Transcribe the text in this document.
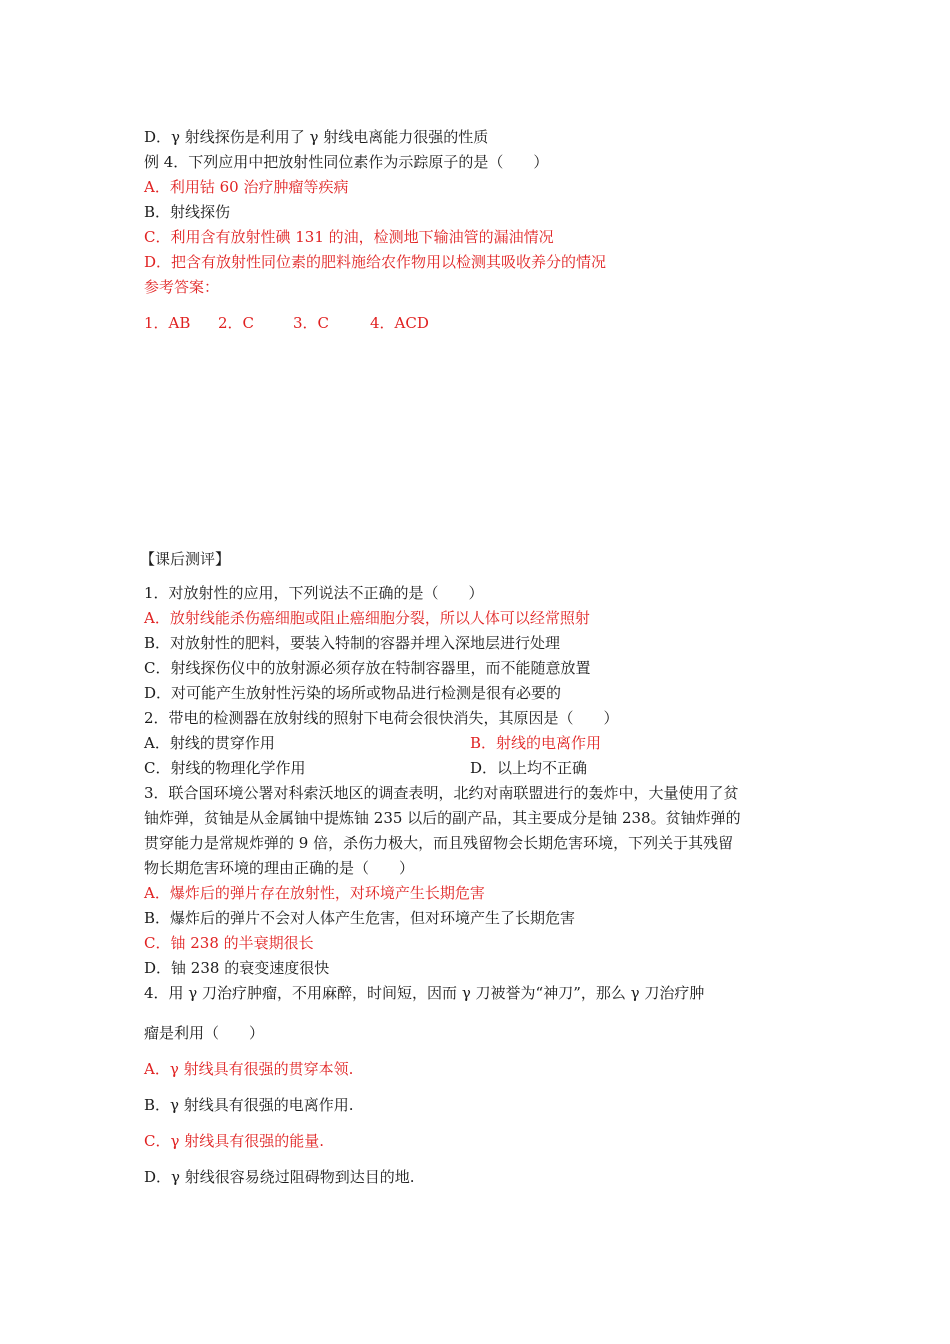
D．γ 射线探伤是利用了 γ 射线电离能力很强的性质
例 4．下列应用中把放射性同位素作为示踪原子的是（　　）
A．利用钴 60 治疗肿瘤等疾病
B．射线探伤
C．利用含有放射性碘 131 的油，检测地下输油管的漏油情况
D．把含有放射性同位素的肥料施给农作物用以检测其吸收养分的情况
参考答案：
1．AB 2．C	3．C	4．ACD
【课后测评】
1．对放射性的应用，下列说法不正确的是（　　）
A．放射线能杀伤癌细胞或阻止癌细胞分裂，所以人体可以经常照射
B．对放射性的肥料，要装入特制的容器并埋入深地层进行处理
C．射线探伤仪中的放射源必须存放在特制容器里，而不能随意放置
D．对可能产生放射性污染的场所或物品进行检测是很有必要的
2．带电的检测器在放射线的照射下电荷会很快消失，其原因是（　　）
A．射线的贯穿作用	B．射线的电离作用
C．射线的物理化学作用	D．以上均不正确
3．联合国环境公署对科索沃地区的调查表明，北约对南联盟进行的轰炸中，大量使用了贫
铀炸弹，贫铀是从金属铀中提炼铀 235 以后的副产品，其主要成分是铀 238。贫铀炸弹的
贯穿能力是常规炸弹的 9 倍，杀伤力极大，而且残留物会长期危害环境，下列关于其残留
物长期危害环境的理由正确的是（　　）
A．爆炸后的弹片存在放射性，对环境产生长期危害
B．爆炸后的弹片不会对人体产生危害，但对环境产生了长期危害
C．铀 238 的半衰期很长
D．铀 238 的衰变速度很快
4．用 γ 刀治疗肿瘤，不用麻醉，时间短，因而 γ 刀被誉为“神刀”，那么 γ 刀治疗肿
瘤是利用（　　）
A．γ 射线具有很强的贯穿本领.
B．γ 射线具有很强的电离作用.
C．γ 射线具有很强的能量.
D．γ 射线很容易绕过阻碍物到达目的地.
